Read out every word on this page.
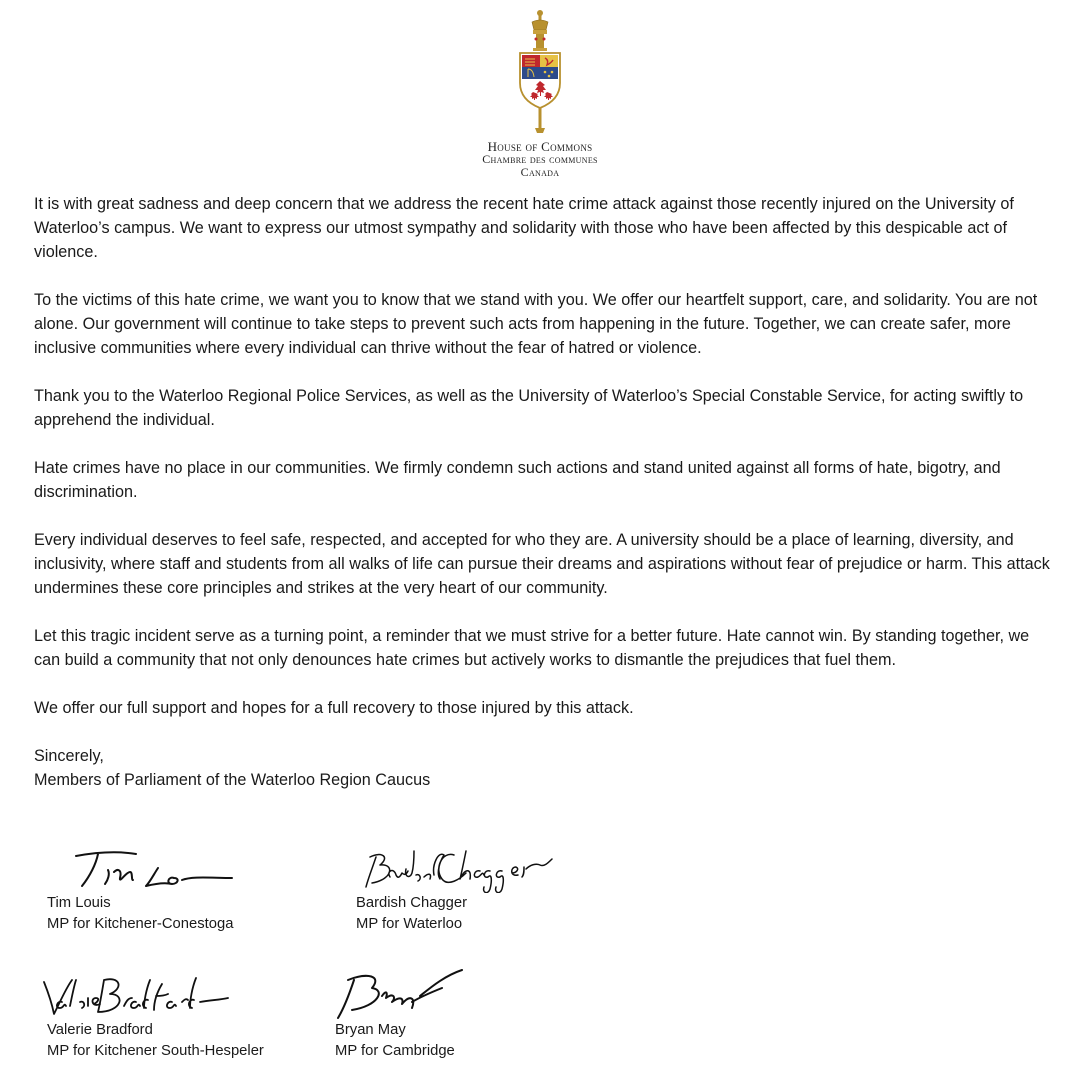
House of Commons
Chambre des communes
Canada

It is with great sadness and deep concern that we address the recent hate crime attack against those recently injured on the University of Waterloo’s campus. We want to express our utmost sympathy and solidarity with those who have been affected by this despicable act of violence.

To the victims of this hate crime, we want you to know that we stand with you. We offer our heartfelt support, care, and solidarity. You are not alone. Our government will continue to take steps to prevent such acts from happening in the future. Together, we can create safer, more inclusive communities where every individual can thrive without the fear of hatred or violence.

Thank you to the Waterloo Regional Police Services, as well as the University of Waterloo’s Special Constable Service, for acting swiftly to apprehend the individual.

Hate crimes have no place in our communities. We firmly condemn such actions and stand united against all forms of hate, bigotry, and discrimination.

Every individual deserves to feel safe, respected, and accepted for who they are. A university should be a place of learning, diversity, and inclusivity, where staff and students from all walks of life can pursue their dreams and aspirations without fear of prejudice or harm. This attack undermines these core principles and strikes at the very heart of our community.

Let this tragic incident serve as a turning point, a reminder that we must strive for a better future. Hate cannot win. By standing together, we can build a community that not only denounces hate crimes but actively works to dismantle the prejudices that fuel them.

We offer our full support and hopes for a full recovery to those injured by this attack.

Sincerely,
Members of Parliament of the Waterloo Region Caucus
Tim Louis
MP for Kitchener-Conestoga
Bardish Chagger
MP for Waterloo
Valerie Bradford
MP for Kitchener South-Hespeler
Bryan May
MP for Cambridge
